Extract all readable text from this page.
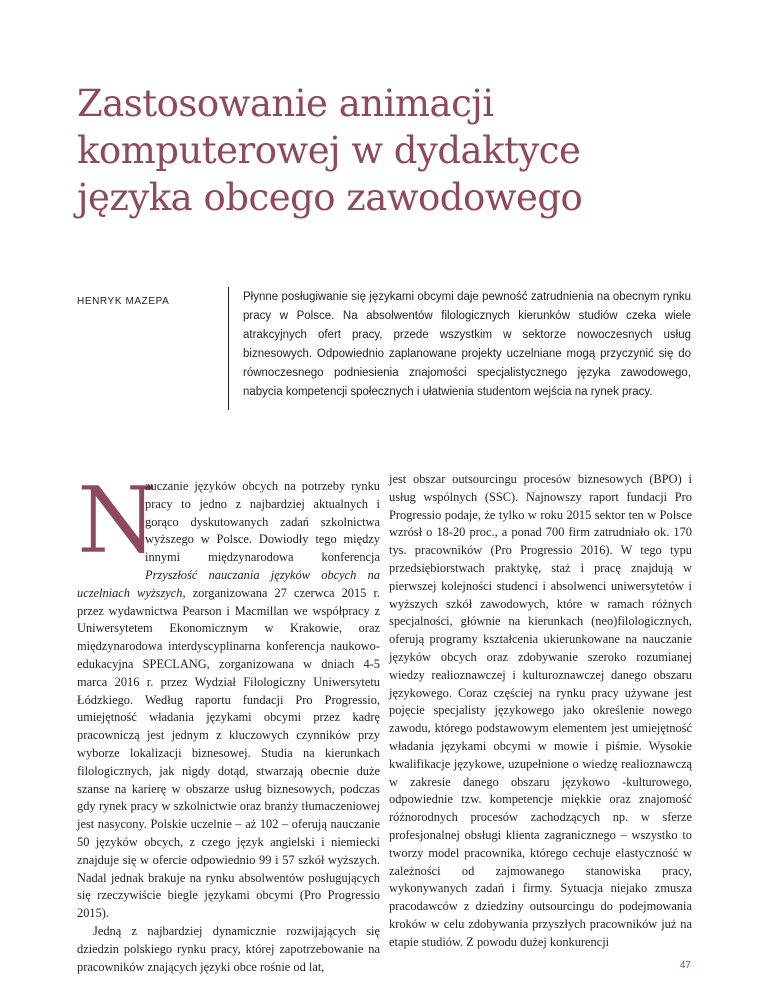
Zastosowanie animacji
komputerowej w dydaktyce
języka obcego zawodowego
HENRYK MAZEPA	Płynne posługiwanie się językami obcymi daje pewność zatrudnienia na obecnym rynku pracy w Polsce. Na absolwentów filologicznych kierunków studiów czeka wiele atrakcyjnych ofert pracy, przede wszystkim w sektorze nowoczesnych usług biznesowych. Odpowiednio zaplanowane projekty uczelniane mogą przyczynić się do równoczesnego podniesienia znajomości specjalistycznego języka zawodowego, nabycia kompetencji społecznych i ułatwienia studentom wejścia na rynek pracy.

N
auczanie języków obcych na potrzeby rynku pracy to jedno z najbardziej aktualnych i gorąco dyskutowanych zadań szkolnictwa wyższego w Polsce. Dowiodły tego między innymi międzynarodowa konferencja Przyszłość nauczania języków obcych na uczelniach wyższych, zorganizowana 27 czerwca 2015 r. przez wydawnictwa Pearson i Macmillan we współpracy z Uniwersytetem Ekonomicznym w Krakowie, oraz międzynarodowa interdyscyplinarna konferencja naukowo-edukacyjna SPECLANG, zorganizowana w dniach 4-5 marca 2016 r. przez Wydział Filologiczny Uniwersytetu Łódzkiego. Według raportu fundacji Pro Progressio, umiejętność władania językami obcymi przez kadrę pracowniczą jest jednym z kluczowych czynników przy wyborze lokalizacji biznesowej. Studia na kierunkach filologicznych, jak nigdy dotąd, stwarzają obecnie duże szanse na karierę w obszarze usług biznesowych, podczas gdy rynek pracy w szkolnictwie oraz branży tłumaczeniowej jest nasycony. Polskie uczelnie – aż 102 – oferują nauczanie 50 języków obcych, z czego język angielski i niemiecki znajduje się w ofercie odpowiednio 99 i 57 szkół wyższych. Nadal jednak brakuje na rynku absolwentów posługujących się rzeczywiście biegle językami obcymi (Pro Progressio 2015).

Jedną z najbardziej dynamicznie rozwijających się dziedzin polskiego rynku pracy, której zapotrzebowanie na pracowników znających języki obce rośnie od lat,

jest obszar outsourcingu procesów biznesowych (BPO) i usług wspólnych (SSC). Najnowszy raport fundacji Pro Progressio podaje, że tylko w roku 2015 sektor ten w Polsce wzrósł o 18-20 proc., a ponad 700 firm zatrudniało ok. 170 tys. pracowników (Pro Progressio 2016). W tego typu przedsiębiorstwach praktykę, staż i pracę znajdują w pierwszej kolejności studenci i absolwenci uniwersytetów i wyższych szkół zawodowych, które w ramach różnych specjalności, głównie na kierunkach (neo)filologicznych, oferują programy kształcenia ukierunkowane na nauczanie języków obcych oraz zdobywanie szeroko rozumianej wiedzy realioznawczej i kulturoznawczej danego obszaru językowego. Coraz częściej na rynku pracy używane jest pojęcie specjalisty językowego jako określenie nowego zawodu, którego podstawowym elementem jest umiejętność władania językami obcymi w mowie i piśmie. Wysokie kwalifikacje językowe, uzupełnione o wiedzę realioznawczą w zakresie danego obszaru językowo -kulturowego, odpowiednie tzw. kompetencje miękkie oraz znajomość różnorodnych procesów zachodzących np. w sferze profesjonalnej obsługi klienta zagranicznego – wszystko to tworzy model pracownika, którego cechuje elastyczność w zależności od zajmowanego stanowiska pracy, wykonywanych zadań i firmy. Sytuacja niejako zmusza pracodawców z dziedziny outsourcingu do podejmowania kroków w celu zdobywania przyszłych pracowników już na etapie studiów. Z powodu dużej konkurencji

47
